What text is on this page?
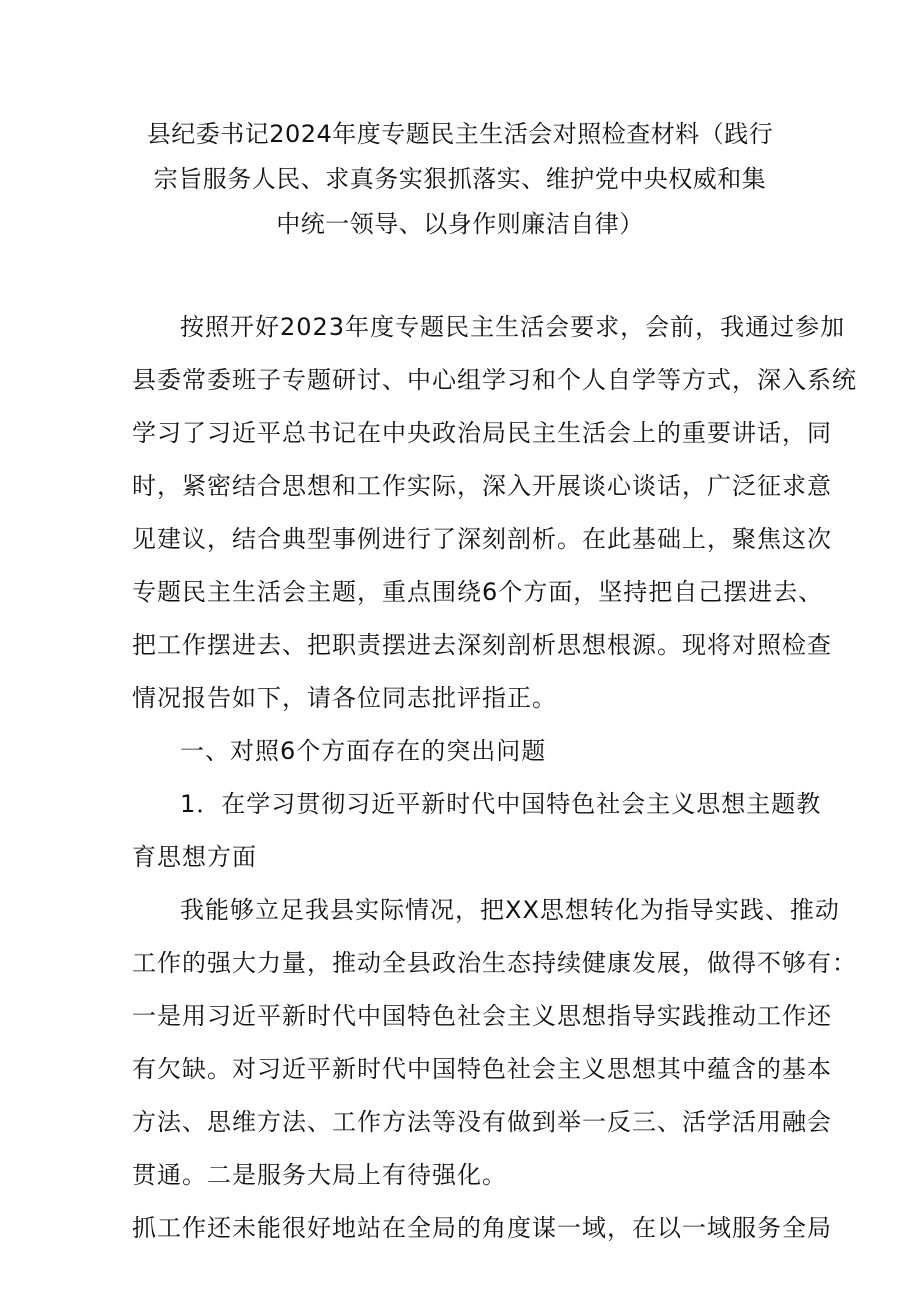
县纪委书记2024年度专题民主生活会对照检查材料（践行
宗旨服务人民、求真务实狠抓落实、维护党中央权威和集
中统一领导、以身作则廉洁自律）
按照开好2023年度专题民主生活会要求，会前，我通过参加
县委常委班子专题研讨、中心组学习和个人自学等方式，深入系统
学习了习近平总书记在中央政治局民主生活会上的重要讲话，同
时，紧密结合思想和工作实际，深入开展谈心谈话，广泛征求意
见建议，结合典型事例进行了深刻剖析。在此基础上，聚焦这次
专题民主生活会主题，重点围绕6个方面，坚持把自己摆进去、
把工作摆进去、把职责摆进去深刻剖析思想根源。现将对照检查
情况报告如下，请各位同志批评指正。
一、对照6个方面存在的突出问题
1．在学习贯彻习近平新时代中国特色社会主义思想主题教
育思想方面
我能够立足我县实际情况，把XX思想转化为指导实践、推动
工作的强大力量，推动全县政治生态持续健康发展，做得不够有：
一是用习近平新时代中国特色社会主义思想指导实践推动工作还
有欠缺。对习近平新时代中国特色社会主义思想其中蕴含的基本
方法、思维方法、工作方法等没有做到举一反三、活学活用融会
贯通。二是服务大局上有待强化。
抓工作还未能很好地站在全局的角度谋一域，在以一域服务全局
